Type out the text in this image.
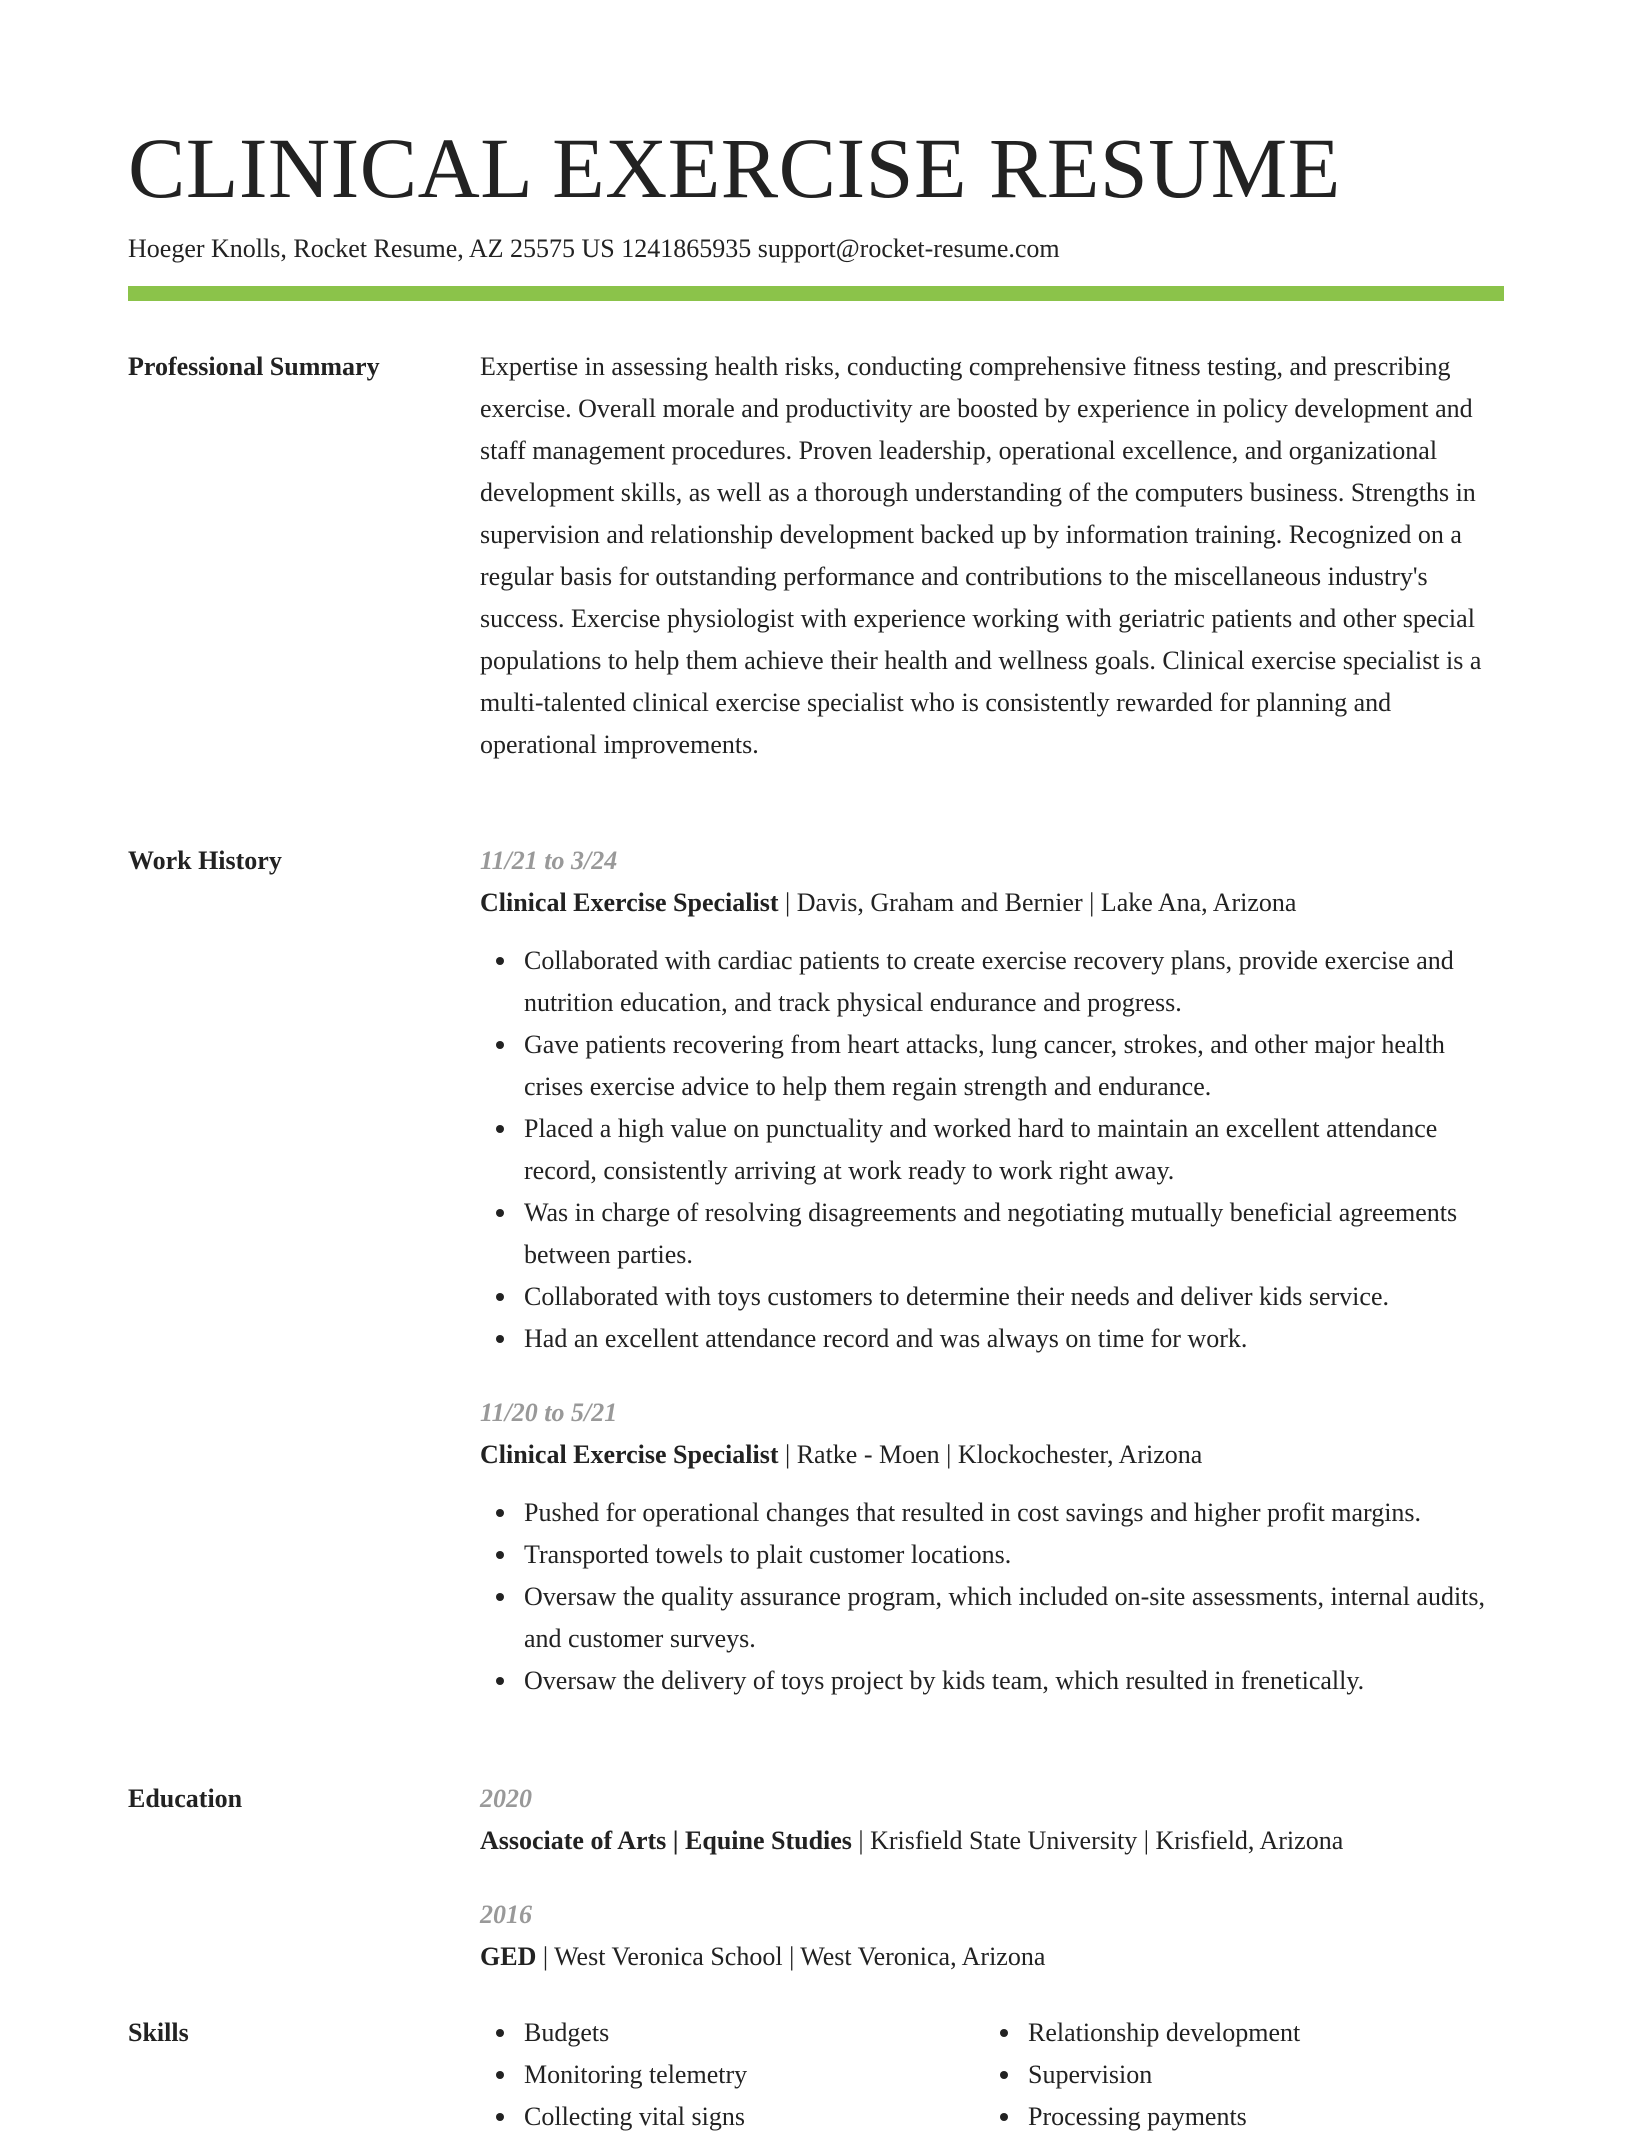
CLINICAL EXERCISE RESUME
Hoeger Knolls, Rocket Resume, AZ 25575 US 1241865935 support@rocket-resume.com
Professional Summary	Expertise in assessing health risks, conducting comprehensive fitness testing, and prescribing exercise. Overall morale and productivity are boosted by experience in policy development and staff management procedures. Proven leadership, operational excellence, and organizational development skills, as well as a thorough understanding of the computers business. Strengths in supervision and relationship development backed up by information training. Recognized on a regular basis for outstanding performance and contributions to the miscellaneous industry's success. Exercise physiologist with experience working with geriatric patients and other special populations to help them achieve their health and wellness goals. Clinical exercise specialist is a multi-talented clinical exercise specialist who is consistently rewarded for planning and operational improvements.

Work History	11/21 to 3/24
Clinical Exercise Specialist | Davis, Graham and Bernier | Lake Ana, Arizona
Collaborated with cardiac patients to create exercise recovery plans, provide exercise and nutrition education, and track physical endurance and progress.
Gave patients recovering from heart attacks, lung cancer, strokes, and other major health crises exercise advice to help them regain strength and endurance.
Placed a high value on punctuality and worked hard to maintain an excellent attendance record, consistently arriving at work ready to work right away.
Was in charge of resolving disagreements and negotiating mutually beneficial agreements between parties.
Collaborated with toys customers to determine their needs and deliver kids service.
Had an excellent attendance record and was always on time for work.
11/20 to 5/21
Clinical Exercise Specialist | Ratke - Moen | Klockochester, Arizona
Pushed for operational changes that resulted in cost savings and higher profit margins.
Transported towels to plait customer locations.
Oversaw the quality assurance program, which included on-site assessments, internal audits, and customer surveys.
Oversaw the delivery of toys project by kids team, which resulted in frenetically.
Education	2020
Associate of Arts | Equine Studies | Krisfield State University | Krisfield, Arizona
2016
GED | West Veronica School | West Veronica, Arizona
Skills	Budgets
Monitoring telemetry
Collecting vital signs
Relationship development
Supervision
Processing payments
